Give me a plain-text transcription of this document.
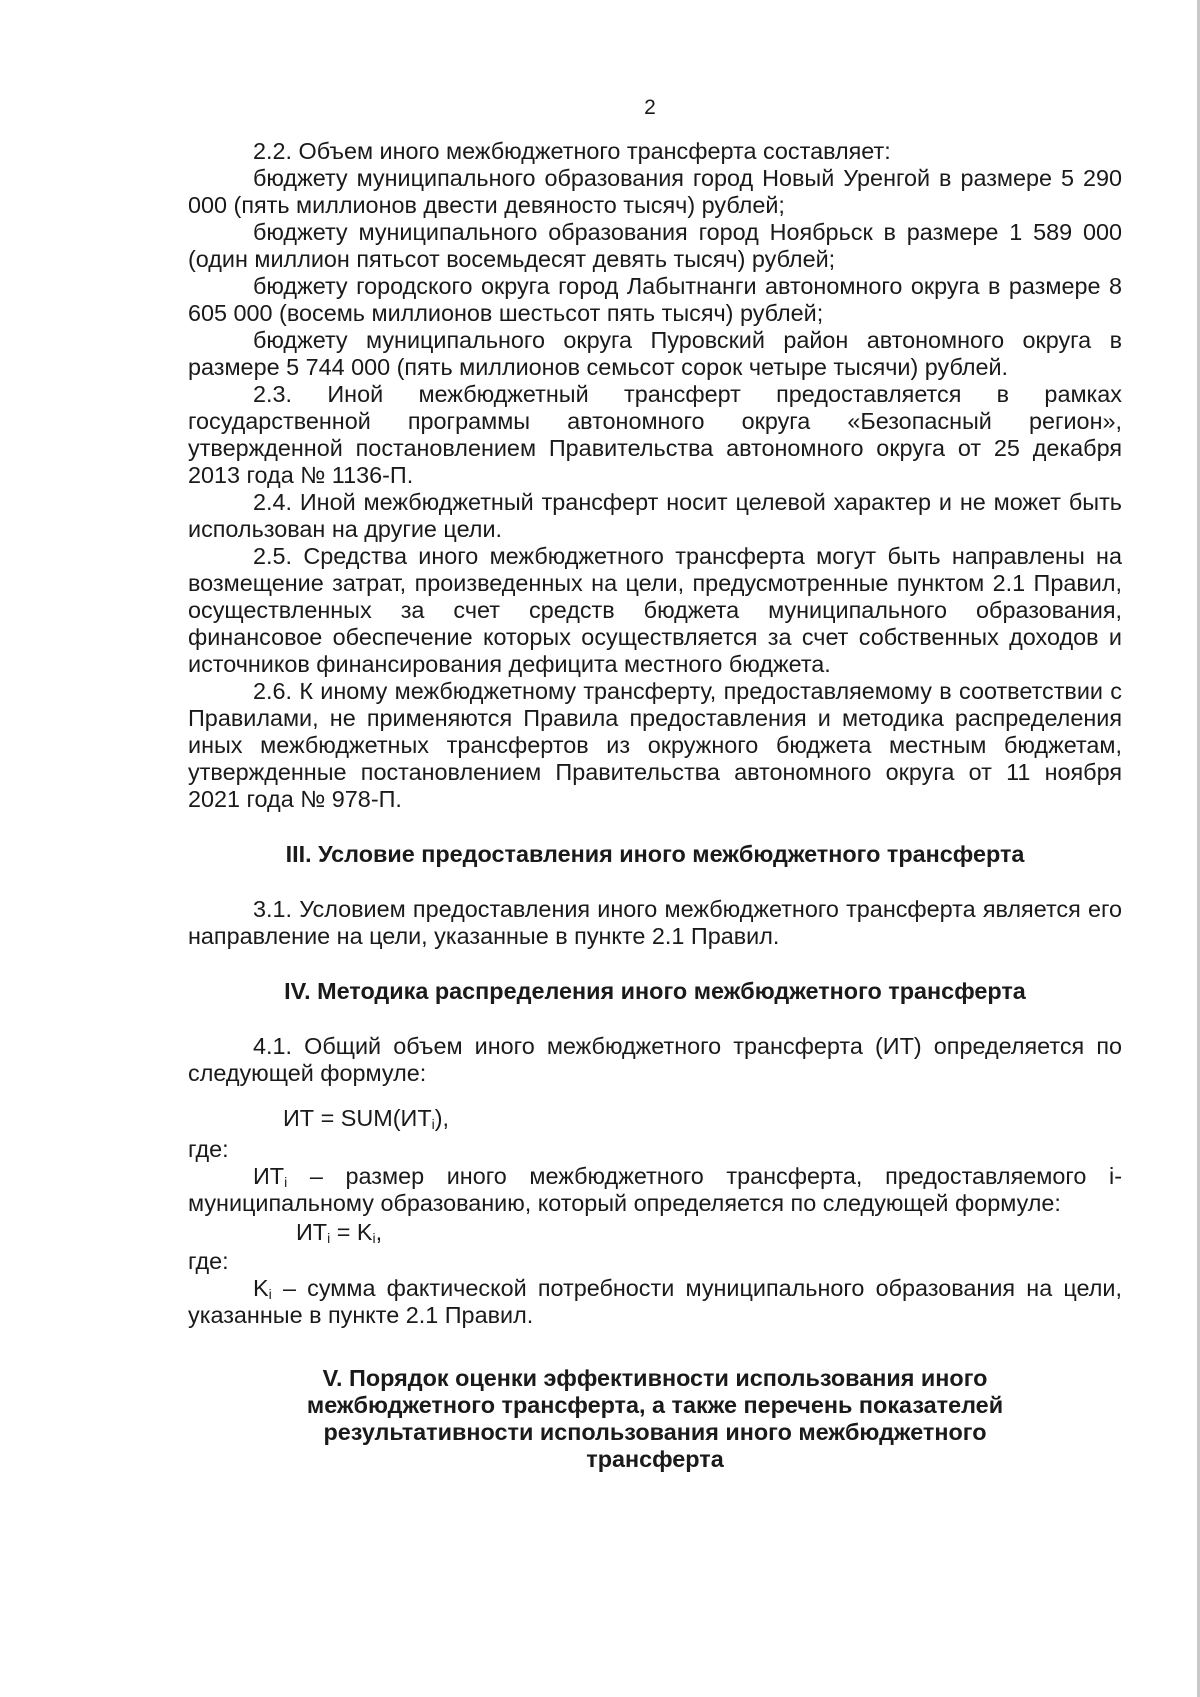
2

2.2. Объем иного межбюджетного трансферта составляет:

бюджету муниципального образования город Новый Уренгой в размере 5 290 000 (пять миллионов двести девяносто тысяч) рублей;

бюджету муниципального образования город Ноябрьск в размере 1 589 000 (один миллион пятьсот восемьдесят девять тысяч) рублей;

бюджету городского округа город Лабытнанги автономного округа в размере 8 605 000 (восемь миллионов шестьсот пять тысяч) рублей;

бюджету муниципального округа Пуровский район автономного округа в размере 5 744 000 (пять миллионов семьсот сорок четыре тысячи) рублей.

2.3. Иной межбюджетный трансферт предоставляется в рамках государственной программы автономного округа «Безопасный регион», утвержденной постановлением Правительства автономного округа от 25 декабря 2013 года № 1136-П.

2.4. Иной межбюджетный трансферт носит целевой характер и не может быть использован на другие цели.

2.5. Средства иного межбюджетного трансферта могут быть направлены на возмещение затрат, произведенных на цели, предусмотренные пунктом 2.1 Правил, осуществленных за счет средств бюджета муниципального образования, финансовое обеспечение которых осуществляется за счет собственных доходов и источников финансирования дефицита местного бюджета.

2.6. К иному межбюджетному трансферту, предоставляемому в соответствии с Правилами, не применяются Правила предоставления и методика распределения иных межбюджетных трансфертов из окружного бюджета местным бюджетам, утвержденные постановлением Правительства автономного округа от 11 ноября 2021 года № 978-П.

III. Условие предоставления иного межбюджетного трансферта

3.1. Условием предоставления иного межбюджетного трансферта является его направление на цели, указанные в пункте 2.1 Правил.

IV. Методика распределения иного межбюджетного трансферта

4.1. Общий объем иного межбюджетного трансферта (ИТ) определяется по следующей формуле:

ИТ = $SUM(ИТ_i)$,

где:

$ИТ_i$ – размер иного межбюджетного трансферта, предоставляемого i-муниципальному образованию, который определяется по следующей формуле:

$ИТ_i = K_i$,

где:

$K_i$ – сумма фактической потребности муниципального образования на цели, указанные в пункте 2.1 Правил.

V. Порядок оценки эффективности использования иного
межбюджетного трансферта, а также перечень показателей
результативности использования иного межбюджетного
трансферта
